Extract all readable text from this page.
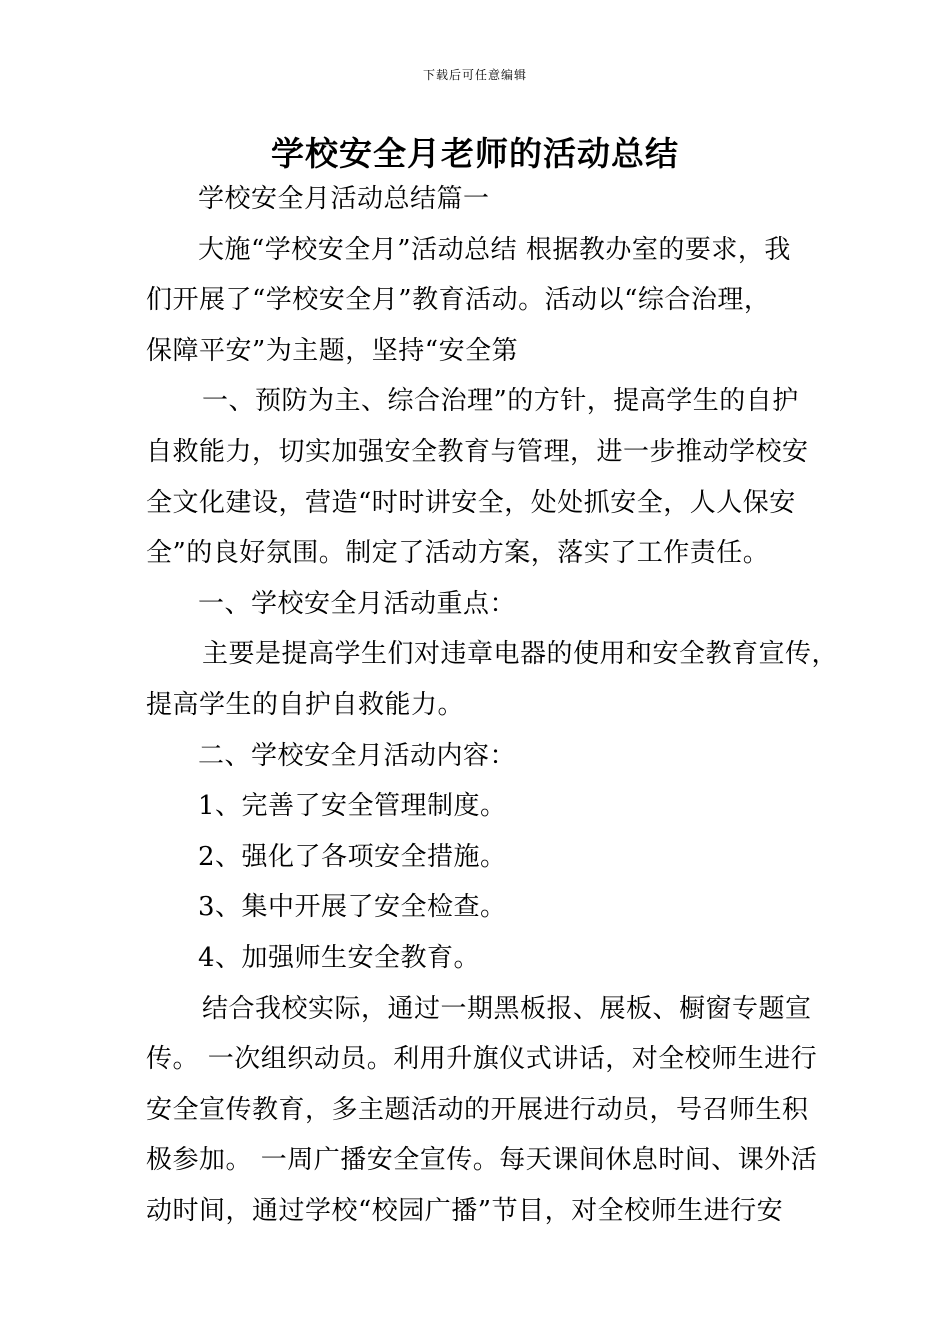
下载后可任意编辑
学校安全月老师的活动总结
学校安全月活动总结篇一
大施“学校安全月”活动总结 根据教办室的要求，我
们开展了“学校安全月”教育活动。活动以“综合治理，
保障平安”为主题，坚持“安全第
一、预防为主、综合治理”的方针，提高学生的自护
自救能力，切实加强安全教育与管理，进一步推动学校安
全文化建设，营造“时时讲安全，处处抓安全，人人保安
全”的良好氛围。制定了活动方案，落实了工作责任。
一、学校安全月活动重点：
主要是提高学生们对违章电器的使用和安全教育宣传，
提高学生的自护自救能力。
二、学校安全月活动内容：
1、完善了安全管理制度。
2、强化了各项安全措施。
3、集中开展了安全检查。
4、加强师生安全教育。
结合我校实际，通过一期黑板报、展板、橱窗专题宣
传。 一次组织动员。利用升旗仪式讲话，对全校师生进行
安全宣传教育，多主题活动的开展进行动员，号召师生积
极参加。 一周广播安全宣传。每天课间休息时间、课外活
动时间，通过学校“校园广播”节目，对全校师生进行安
